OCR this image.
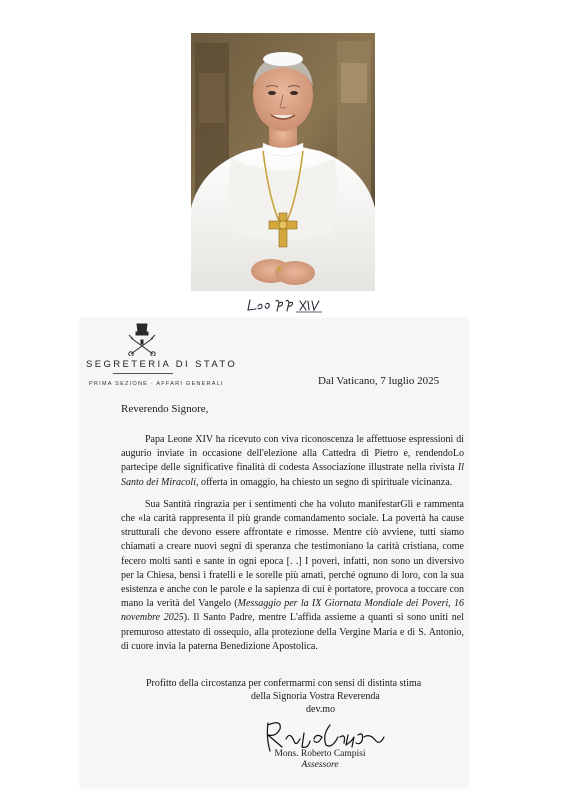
SEGRETERIA DI STATO
PRIMA SEZIONE · AFFARI GENERALI	Dal Vaticano, 7 luglio 2025
Reverendo Signore,

Papa Leone XIV ha ricevuto con viva riconoscenza le affettuose espressioni di augurio inviate in occasione dell'elezione alla Cattedra di Pietro e, rendendoLo partecipe delle significative finalità di codesta Associazione illustrate nella rivista Il Santo dei Miracoli, offerta in omaggio, ha chiesto un segno di spirituale vicinanza.

Sua Santità ringrazia per i sentimenti che ha voluto manifestarGli e rammenta che «la carità rappresenta il più grande comandamento sociale. La povertà ha cause strutturali che devono essere affrontate e rimosse. Mentre ciò avviene, tutti siamo chiamati a creare nuovi segni di speranza che testimoniano la carità cristiana, come fecero molti santi e sante in ogni epoca [. .] I poveri, infatti, non sono un diversivo per la Chiesa, bensì i fratelli e le sorelle più amati, perché ognuno di loro, con la sua esistenza e anche con le parole e la sapienza di cui è portatore, provoca a toccare con mano la verità del Vangelo (Messaggio per la IX Giornata Mondiale dei Poveri, 16 novembre 2025). Il Santo Padre, mentre L'affida assieme a quanti si sono uniti nel premuroso attestato di ossequio, alla protezione della Vergine Maria e di S. Antonio, di cuore invia la paterna Benedizione Apostolica.

Profitto della circostanza per confermarmi con sensi di distinta stima
della Signoria Vostra Reverenda
dev.mo
Mons. Roberto Campisi
Assessore
